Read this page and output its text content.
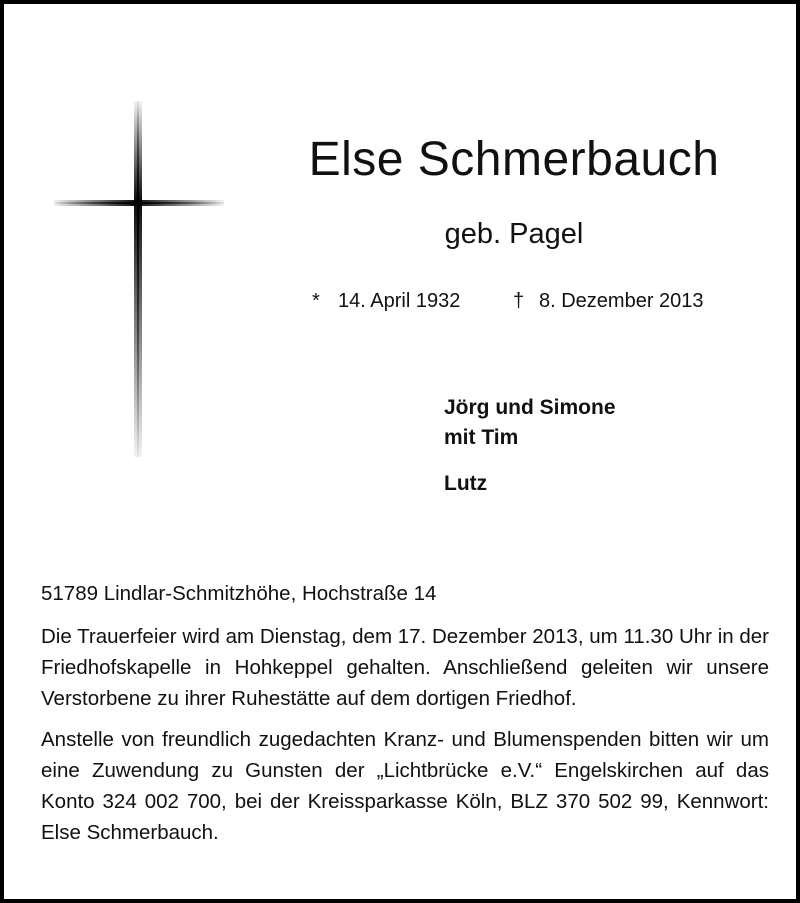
Else Schmerbauch
geb. Pagel
* 14. April 1932	† 8. Dezember 2013
Jörg und Simone
mit Tim
Lutz

51789 Lindlar-Schmitzhöhe, Hochstraße 14

Die Trauerfeier wird am Dienstag, dem 17. Dezember 2013, um 11.30 Uhr in der Friedhofskapelle in Hohkeppel gehalten. Anschließend geleiten wir unsere Verstorbene zu ihrer Ruhestätte auf dem dortigen Friedhof.

Anstelle von freundlich zugedachten Kranz- und Blumenspenden bitten wir um eine Zuwendung zu Gunsten der „Lichtbrücke e.V.“ Engelskirchen auf das Konto 324 002 700, bei der Kreissparkasse Köln, BLZ 370 502 99, Kennwort: Else Schmerbauch.
